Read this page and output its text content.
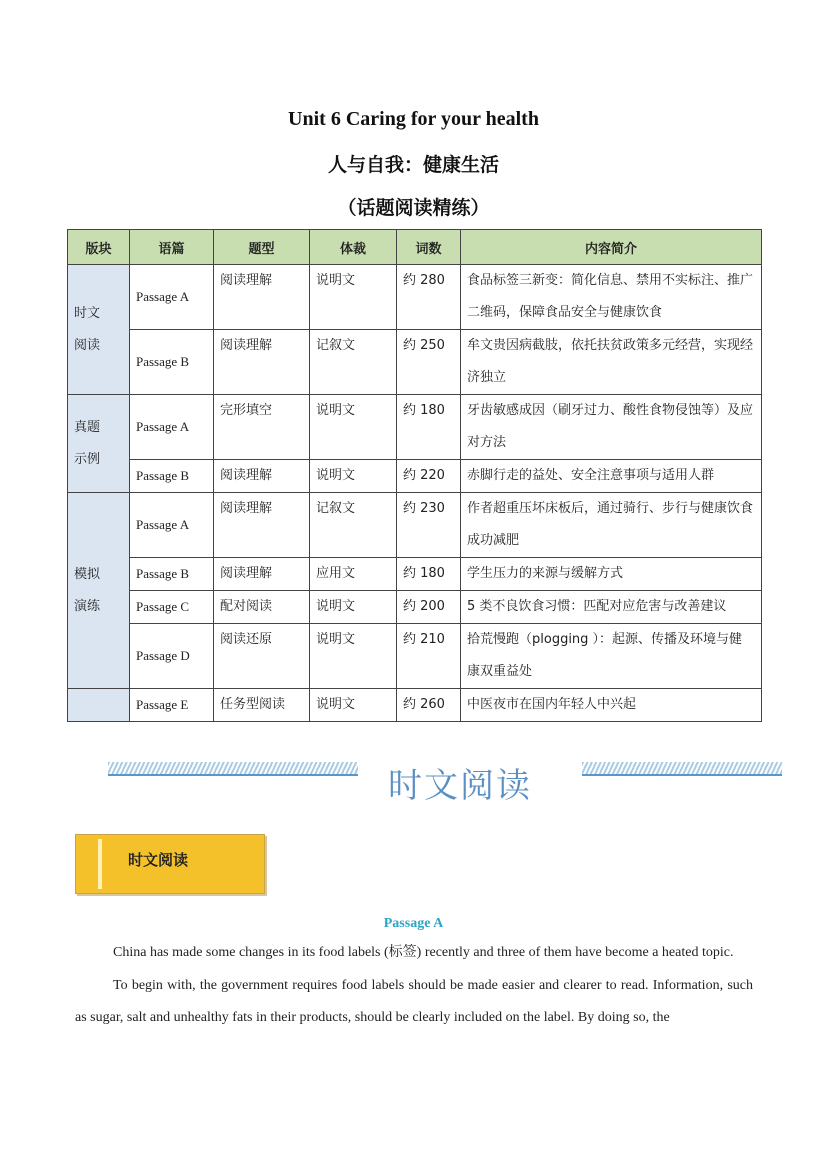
Unit 6 Caring for your health
人与自我：健康生活
（话题阅读精练）
版块	语篇	题型	体裁	词数	内容简介

时文阅读	Passage A	阅读理解	说明文	约 280	食品标签三新变：简化信息、禁用不实标注、推广二维码，保障食品安全与健康饮食
	Passage B	阅读理解	记叙文	约 250	牟文贵因病截肢，依托扶贫政策多元经营，实现经济独立

真题示例	Passage A	完形填空	说明文	约 180	牙齿敏感成因（刷牙过力、酸性食物侵蚀等）及应对方法
	Passage B	阅读理解	说明文	约 220	赤脚行走的益处、安全注意事项与适用人群

模拟演练	Passage A	阅读理解	记叙文	约 230	作者超重压坏床板后，通过骑行、步行与健康饮食成功减肥
	Passage B	阅读理解	应用文	约 180	学生压力的来源与缓解方式
	Passage C	配对阅读	说明文	约 200	5 类不良饮食习惯：匹配对应危害与改善建议
	Passage D	阅读还原	说明文	约 210	拾荒慢跑（plogging ）：起源、传播及环境与健康双重益处
	Passage E	任务型阅读	说明文	约 260	中医夜市在国内年轻人中兴起
时文阅读
时文阅读
Passage A

China has made some changes in its food labels (标签) recently and three of them have become a heated topic.

To begin with, the government requires food labels should be made easier and clearer to read. Information, such as sugar, salt and unhealthy fats in their products, should be clearly included on the label. By doing so, the
